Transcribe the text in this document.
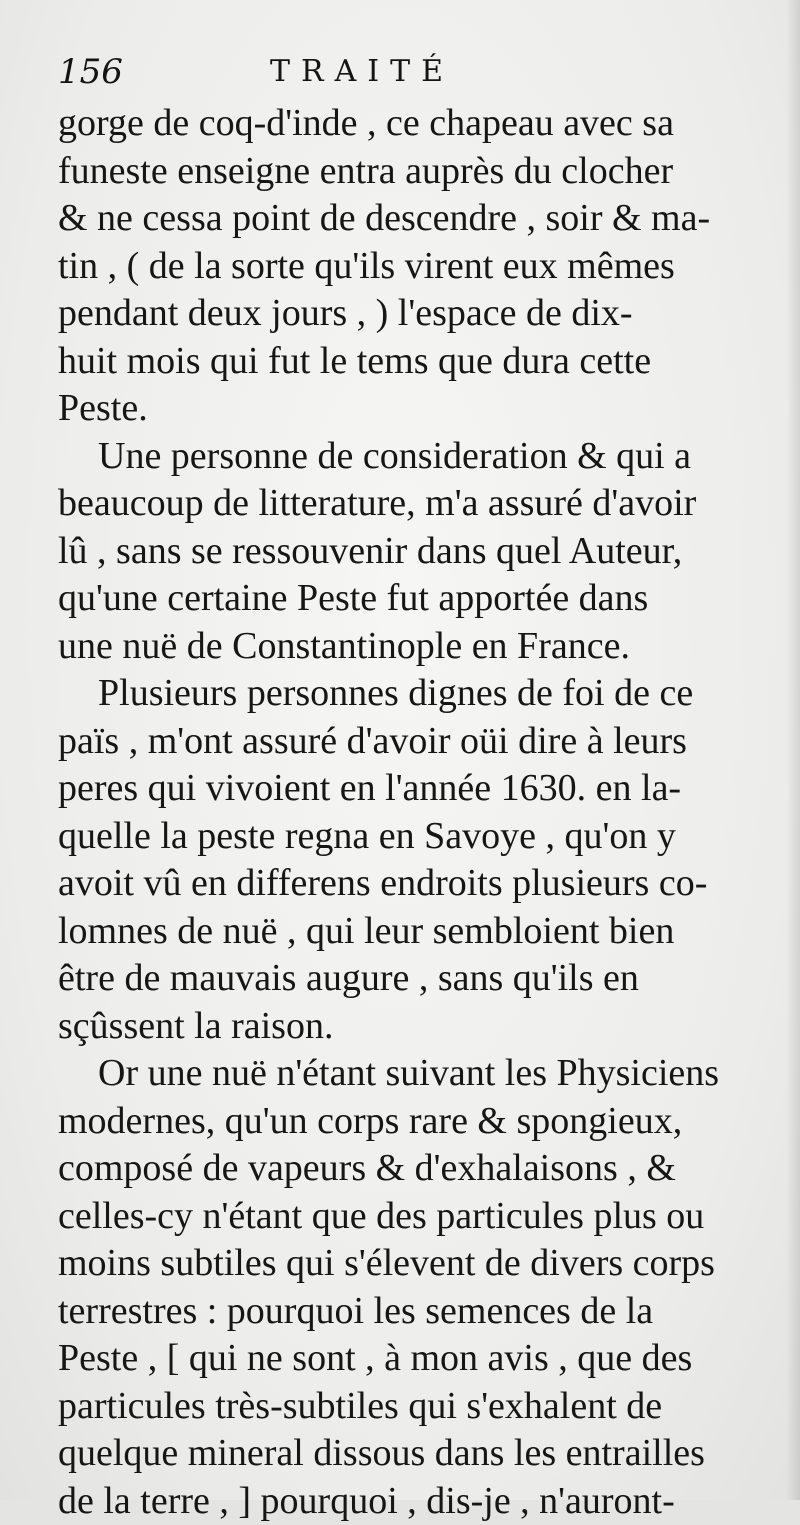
156	TRAITÉ
gorge de coq-d'inde , ce chapeau avec sa
funeste enseigne entra auprès du clocher
& ne cessa point de descendre , soir & ma-
tin , ( de la sorte qu'ils virent eux mêmes
pendant deux jours , ) l'espace de dix-
huit mois qui fut le tems que dura cette
Peste.
Une personne de consideration & qui a
beaucoup de litterature, m'a assuré d'avoir
lû , sans se ressouvenir dans quel Auteur,
qu'une certaine Peste fut apportée dans
une nuë de Constantinople en France.
Plusieurs personnes dignes de foi de ce
païs , m'ont assuré d'avoir oüi dire à leurs
peres qui vivoient en l'année 1630. en la-
quelle la peste regna en Savoye , qu'on y
avoit vû en differens endroits plusieurs co-
lomnes de nuë , qui leur sembloient bien
être de mauvais augure , sans qu'ils en
sçûssent la raison.
Or une nuë n'étant suivant les Physiciens
modernes, qu'un corps rare & spongieux,
composé de vapeurs & d'exhalaisons , &
celles-cy n'étant que des particules plus ou
moins subtiles qui s'élevent de divers corps
terrestres : pourquoi les semences de la
Peste , [ qui ne sont , à mon avis , que des
particules très-subtiles qui s'exhalent de
quelque mineral dissous dans les entrailles
de la terre , ] pourquoi , dis-je , n'auront-
